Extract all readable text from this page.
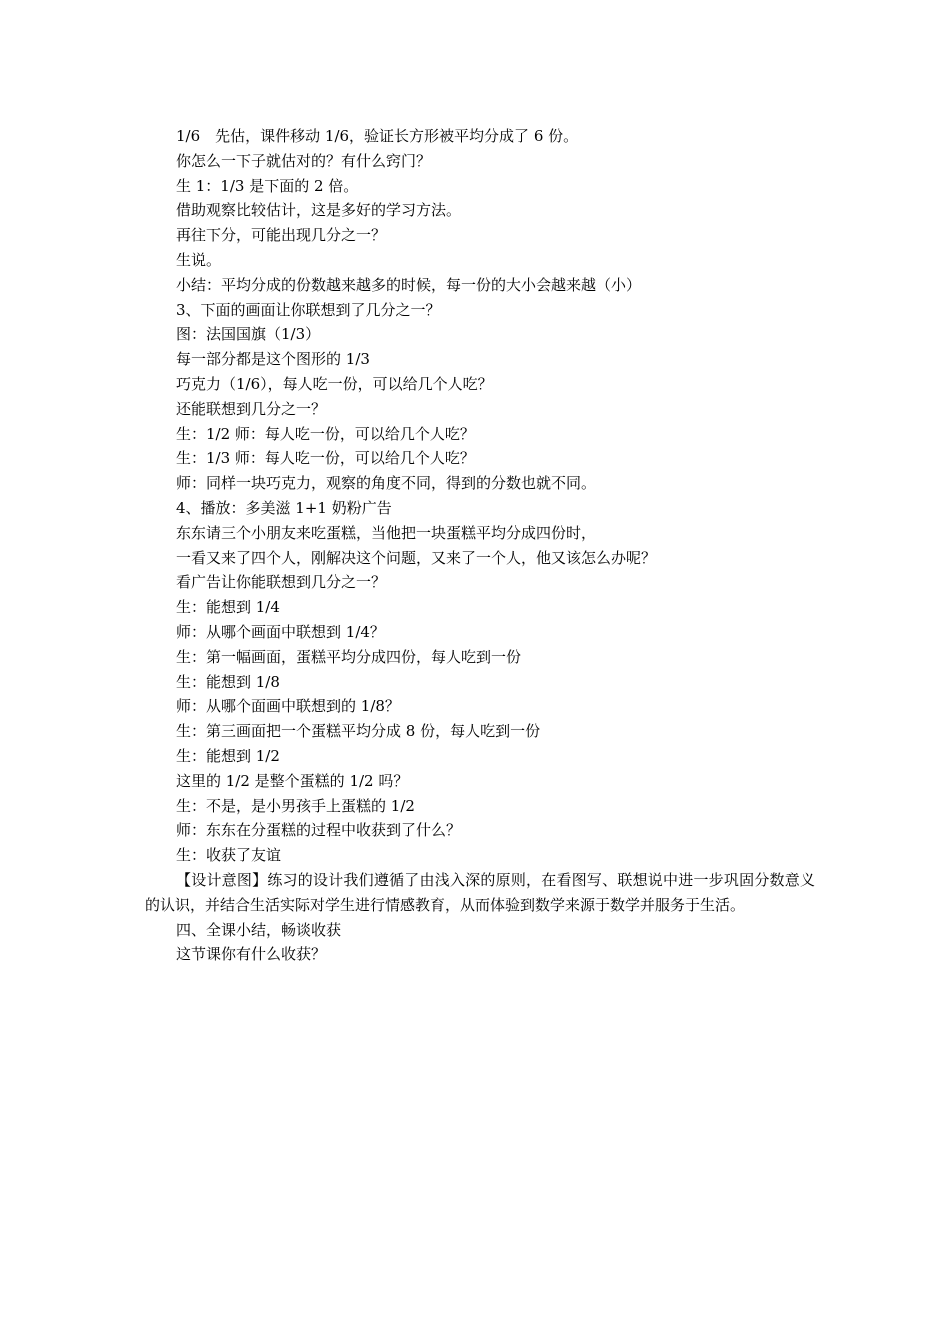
1/6　先估，课件移动 1/6，验证长方形被平均分成了 6 份。
你怎么一下子就估对的？有什么窍门？
生 1：1/3 是下面的 2 倍。
借助观察比较估计，这是多好的学习方法。
再往下分，可能出现几分之一？
生说。
小结：平均分成的份数越来越多的时候，每一份的大小会越来越（小）
3、下面的画面让你联想到了几分之一？
图：法国国旗（1/3）
每一部分都是这个图形的 1/3
巧克力（1/6），每人吃一份，可以给几个人吃？
还能联想到几分之一？
生：1/2 师：每人吃一份，可以给几个人吃？
生：1/3 师：每人吃一份，可以给几个人吃？
师：同样一块巧克力，观察的角度不同，得到的分数也就不同。
4、播放：多美滋 1+1 奶粉广告
东东请三个小朋友来吃蛋糕，当他把一块蛋糕平均分成四份时，
一看又来了四个人，刚解决这个问题，又来了一个人，他又该怎么办呢？
看广告让你能联想到几分之一？
生：能想到 1/4
师：从哪个画面中联想到 1/4？
生：第一幅画面，蛋糕平均分成四份，每人吃到一份
生：能想到 1/8
师：从哪个面画中联想到的 1/8？
生：第三画面把一个蛋糕平均分成 8 份，每人吃到一份
生：能想到 1/2
这里的 1/2 是整个蛋糕的 1/2 吗？
生：不是，是小男孩手上蛋糕的 1/2
师：东东在分蛋糕的过程中收获到了什么？
生：收获了友谊

【设计意图】练习的设计我们遵循了由浅入深的原则，在看图写、联想说中进一步巩固分数意义的认识，并结合生活实际对学生进行情感教育，从而体验到数学来源于数学并服务于生活。

四、全课小结，畅谈收获
这节课你有什么收获？
